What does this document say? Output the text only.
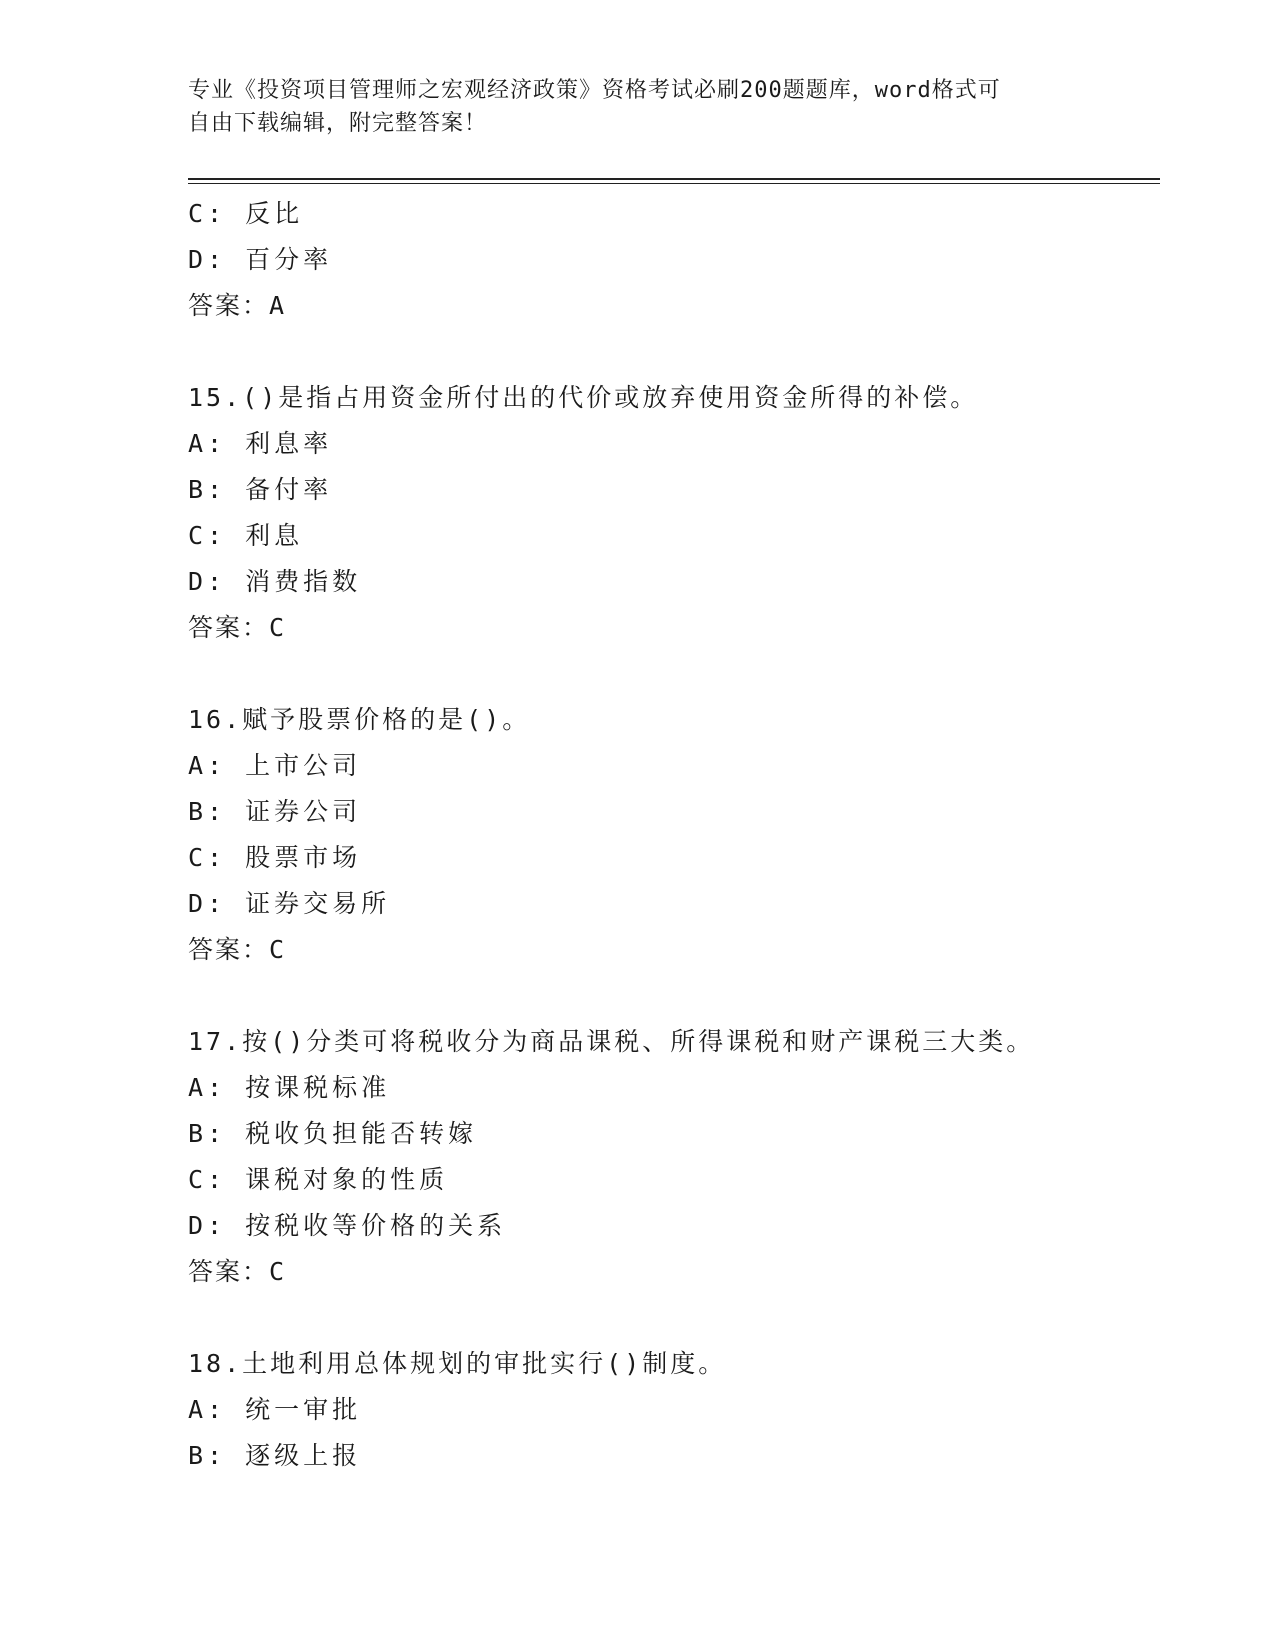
专业《投资项目管理师之宏观经济政策》资格考试必刷200题题库，word格式可
自由下载编辑，附完整答案！
C: 反比
D: 百分率
答案：A
15.()是指占用资金所付出的代价或放弃使用资金所得的补偿。
A: 利息率
B: 备付率
C: 利息
D: 消费指数
答案：C
16.赋予股票价格的是()。
A: 上市公司
B: 证券公司
C: 股票市场
D: 证券交易所
答案：C
17.按()分类可将税收分为商品课税、所得课税和财产课税三大类。
A: 按课税标准
B: 税收负担能否转嫁
C: 课税对象的性质
D: 按税收等价格的关系
答案：C
18.土地利用总体规划的审批实行()制度。
A: 统一审批
B: 逐级上报
